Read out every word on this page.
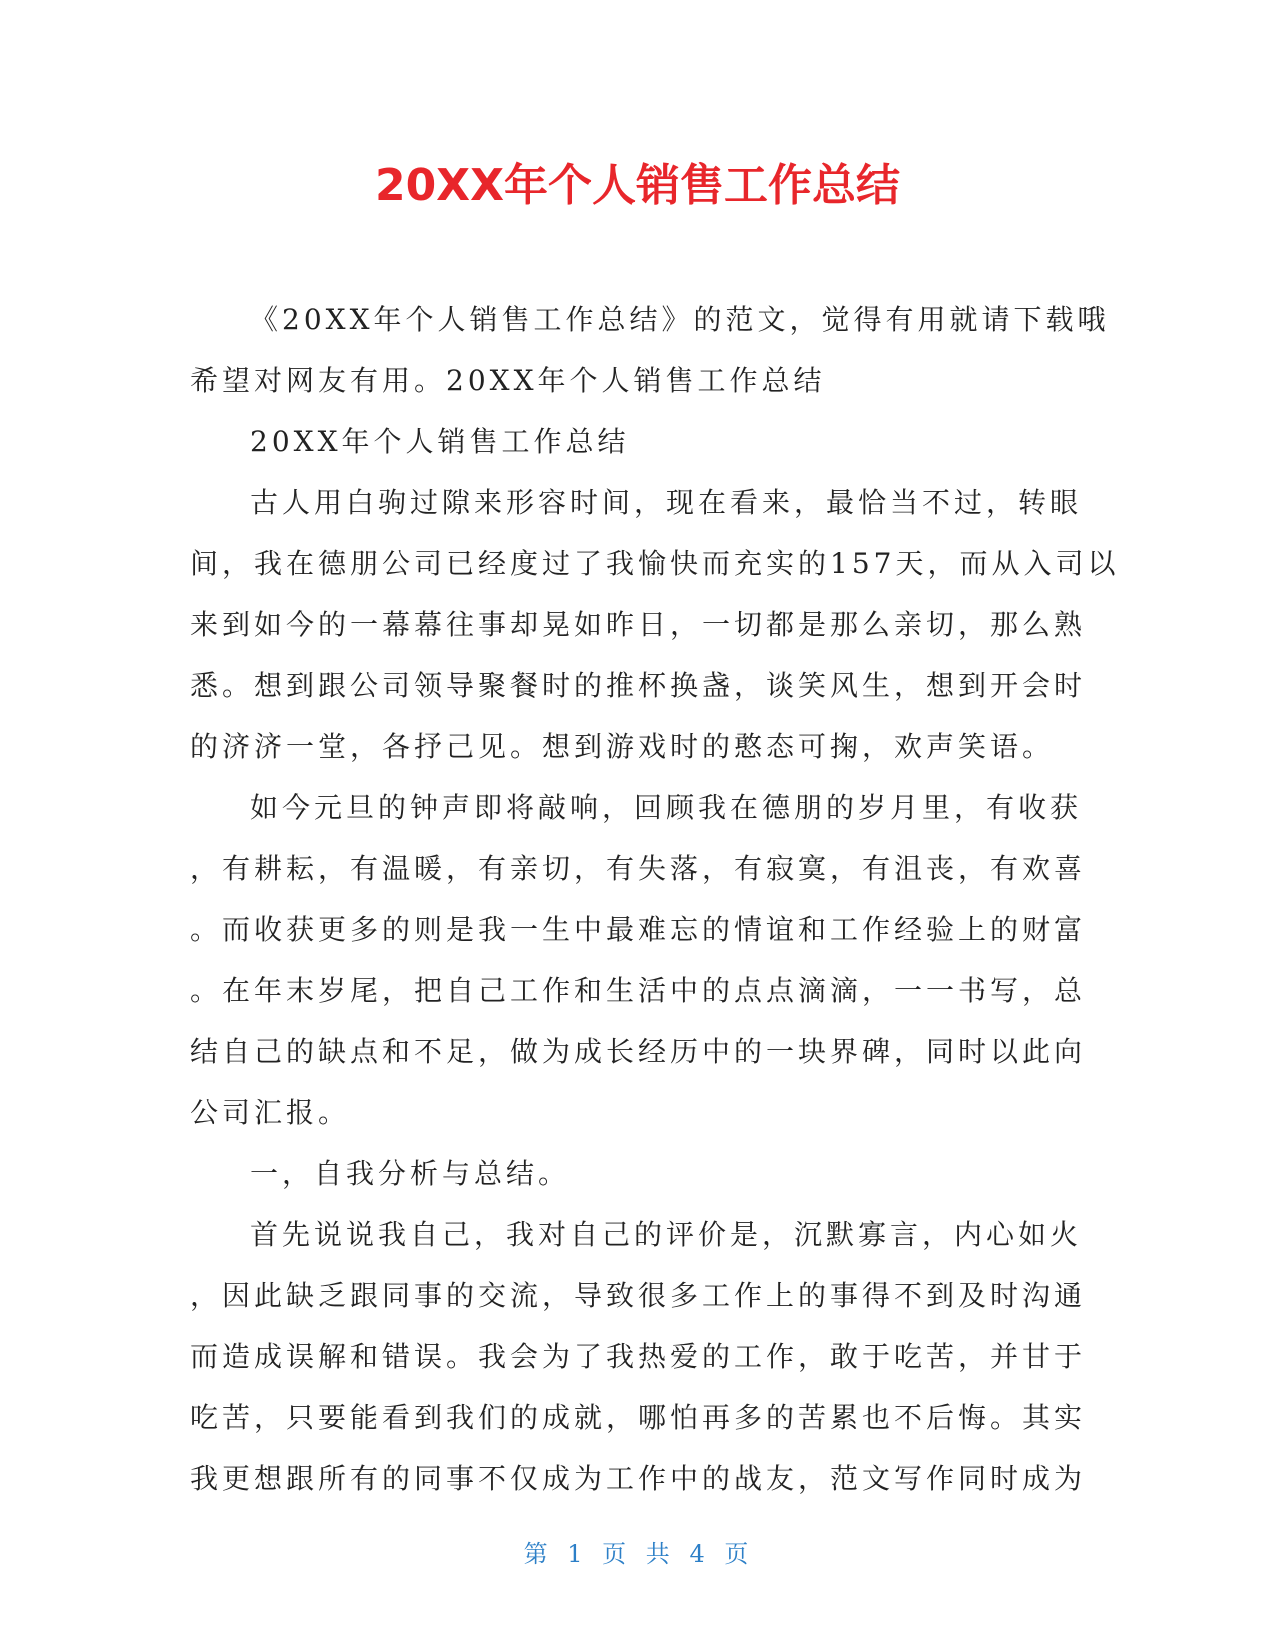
20XX年个人销售工作总结
《20XX年个人销售工作总结》的范文，觉得有用就请下载哦
希望对网友有用。20XX年个人销售工作总结
20XX年个人销售工作总结
古人用白驹过隙来形容时间，现在看来，最恰当不过，转眼
间，我在德朋公司已经度过了我愉快而充实的157天，而从入司以
来到如今的一幕幕往事却晃如昨日，一切都是那么亲切，那么熟
悉。想到跟公司领导聚餐时的推杯换盏，谈笑风生，想到开会时
的济济一堂，各抒己见。想到游戏时的憨态可掬，欢声笑语。
如今元旦的钟声即将敲响，回顾我在德朋的岁月里，有收获
，有耕耘，有温暖，有亲切，有失落，有寂寞，有沮丧，有欢喜
。而收获更多的则是我一生中最难忘的情谊和工作经验上的财富
。在年末岁尾，把自己工作和生活中的点点滴滴，一一书写，总
结自己的缺点和不足，做为成长经历中的一块界碑，同时以此向
公司汇报。
一，自我分析与总结。
首先说说我自己，我对自己的评价是，沉默寡言，内心如火
，因此缺乏跟同事的交流，导致很多工作上的事得不到及时沟通
而造成误解和错误。我会为了我热爱的工作，敢于吃苦，并甘于
吃苦，只要能看到我们的成就，哪怕再多的苦累也不后悔。其实
我更想跟所有的同事不仅成为工作中的战友，范文写作同时成为
第 1 页 共 4 页
